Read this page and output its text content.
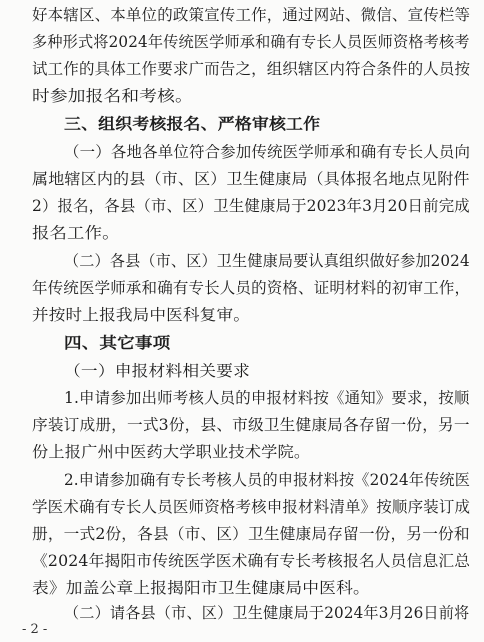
好本辖区、本单位的政策宣传工作，通过网站、微信、宣传栏等
多种形式将2024年传统医学师承和确有专长人员医师资格考核考
试工作的具体工作要求广而告之，组织辖区内符合条件的人员按
时参加报名和考核。
三、组织考核报名、严格审核工作
（一）各地各单位符合参加传统医学师承和确有专长人员向
属地辖区内的县（市、区）卫生健康局（具体报名地点见附件
2）报名，各县（市、区）卫生健康局于2023年3月20日前完成
报名工作。
（二）各县（市、区）卫生健康局要认真组织做好参加2024
年传统医学师承和确有专长人员的资格、证明材料的初审工作，
并按时上报我局中医科复审。
四、其它事项
（一）申报材料相关要求
1.申请参加出师考核人员的申报材料按《通知》要求，按顺
序装订成册，一式3份，县、市级卫生健康局各存留一份，另一
份上报广州中医药大学职业技术学院。
2.申请参加确有专长考核人员的申报材料按《2024年传统医
学医术确有专长人员医师资格考核申报材料清单》按顺序装订成
册，一式2份，各县（市、区）卫生健康局存留一份，另一份和
《2024年揭阳市传统医学医术确有专长考核报名人员信息汇总
表》加盖公章上报揭阳市卫生健康局中医科。
（二）请各县（市、区）卫生健康局于2024年3月26日前将
- 2 -
